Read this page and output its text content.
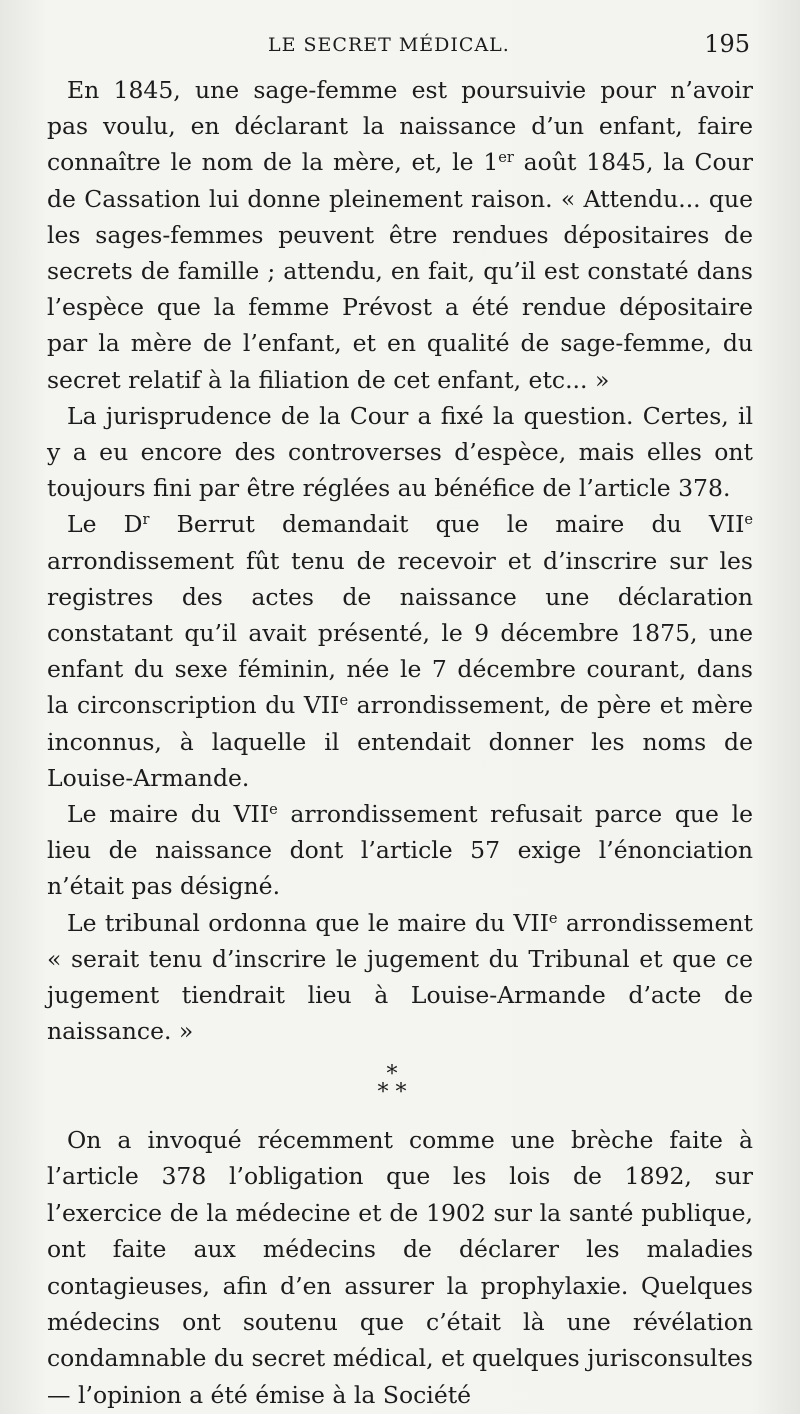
LE SECRET MÉDICAL.	195

En 1845, une sage-femme est poursuivie pour n’avoir pas voulu, en déclarant la naissance d’un enfant, faire connaître le nom de la mère, et, le 1er août 1845, la Cour de Cassation lui donne pleinement raison. « Attendu... que les sages-femmes peuvent être rendues dépositaires de secrets de famille ; attendu, en fait, qu’il est constaté dans l’espèce que la femme Prévost a été rendue dépositaire par la mère de l’enfant, et en qualité de sage-femme, du secret relatif à la filiation de cet enfant, etc... »

La jurisprudence de la Cour a fixé la question. Certes, il y a eu encore des controverses d’espèce, mais elles ont toujours fini par être réglées au bénéfice de l’article 378.

Le $D^r$ Berrut demandait que le maire du VIIe arrondissement fût tenu de recevoir et d’inscrire sur les registres des actes de naissance une déclaration constatant qu’il avait présenté, le 9 décembre 1875, une enfant du sexe féminin, née le 7 décembre courant, dans la circonscription du VIIe arrondissement, de père et mère inconnus, à laquelle il entendait donner les noms de Louise-Armande.

Le maire du VIIe arrondissement refusait parce que le lieu de naissance dont l’article 57 exige l’énonciation n’était pas désigné.

Le tribunal ordonna que le maire du VIIe arrondissement « serait tenu d’inscrire le jugement du Tribunal et que ce jugement tiendrait lieu à Louise-Armande d’acte de naissance. »

*
* *

On a invoqué récemment comme une brèche faite à l’article 378 l’obligation que les lois de 1892, sur l’exercice de la médecine et de 1902 sur la santé publique, ont faite aux médecins de déclarer les maladies contagieuses, afin d’en assurer la prophylaxie. Quelques médecins ont soutenu que c’était là une révélation condamnable du secret médical, et quelques jurisconsultes — l’opinion a été émise à la Société
